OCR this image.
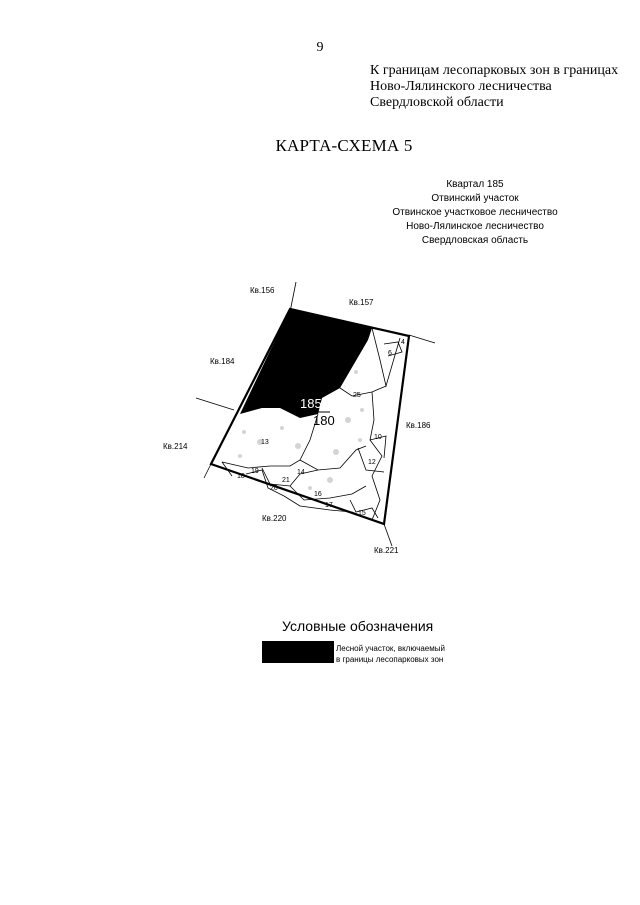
9
К границам лесопарковых зон в границах
Ново-Лялинского лесничества
Свердловской области
КАРТА-СХЕМА 5
Квартал 185
Отвинский участок
Отвинское участковое лесничество
Ново-Лялинское лесничество
Свердловская область
185
180
4
6
25
13
10
12
14
19
21
20
16
17
15
18
Кв.156
Кв.157
Кв.184
Кв.186
Кв.214
Кв.220
Кв.221
Условные обозначения
Лесной участок, включаемый
в границы лесопарковых зон
